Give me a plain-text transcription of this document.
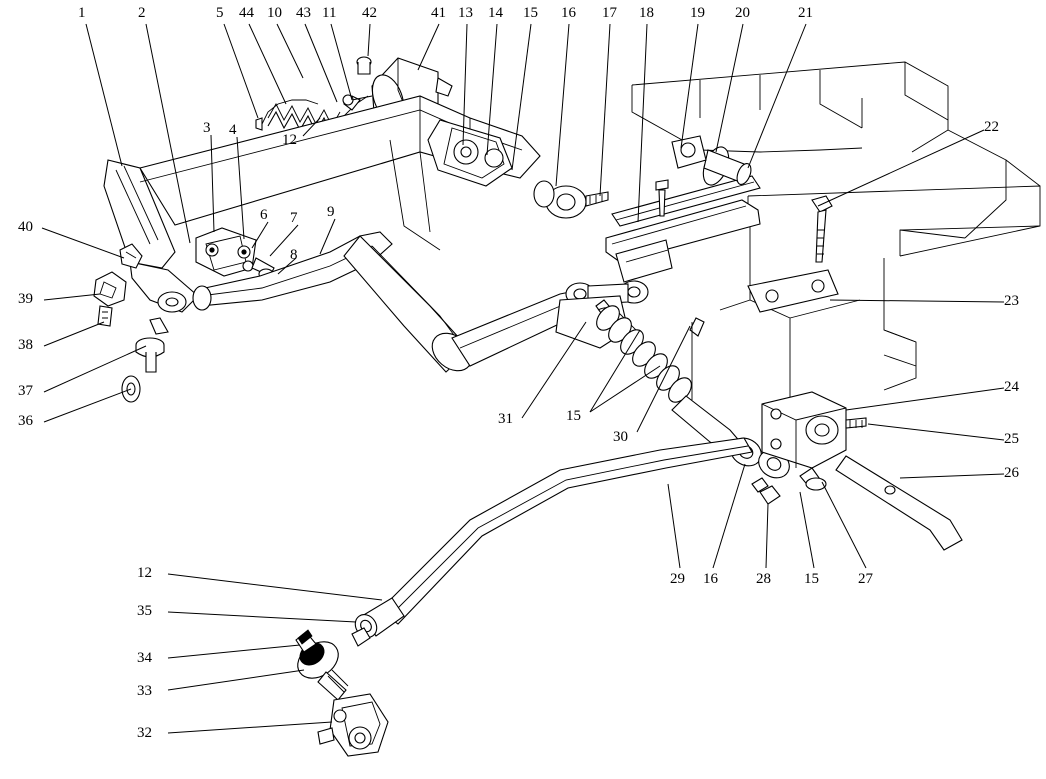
1	2
3 4
5 44 10 43 11 42
12
41 13 14 15 16 17 18 19 20	21
22
23
24
25
26
40
39
38
37
36
6 7
8
9
31	15
30
29 16	28 15	27
12
35
34
33
32
